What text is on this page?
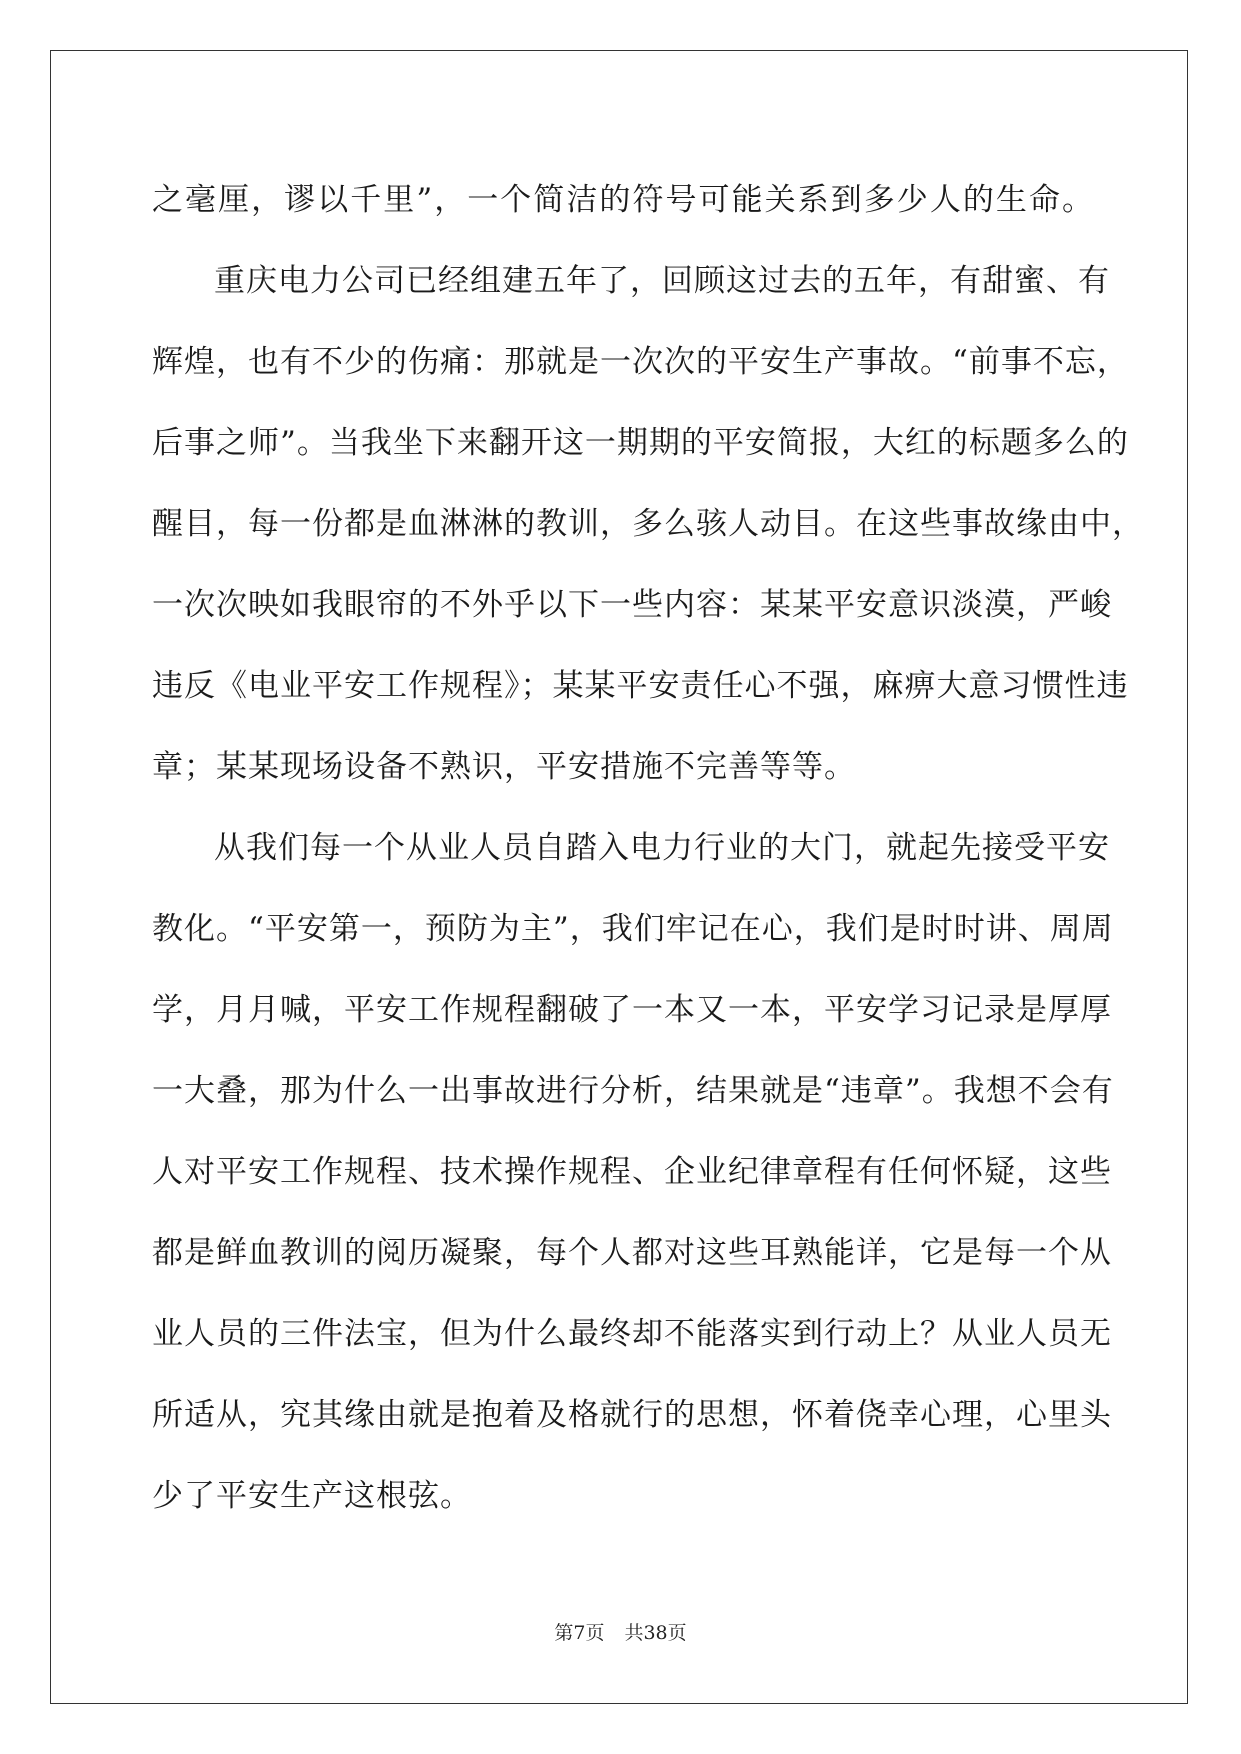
之毫厘，谬以千里”，一个简洁的符号可能关系到多少人的生命。
重庆电力公司已经组建五年了，回顾这过去的五年，有甜蜜、有
辉煌，也有不少的伤痛：那就是一次次的平安生产事故。“前事不忘，
后事之师”。当我坐下来翻开这一期期的平安简报，大红的标题多么的
醒目，每一份都是血淋淋的教训，多么骇人动目。在这些事故缘由中，
一次次映如我眼帘的不外乎以下一些内容：某某平安意识淡漠，严峻
违反《电业平安工作规程》；某某平安责任心不强，麻痹大意习惯性违
章；某某现场设备不熟识，平安措施不完善等等。
从我们每一个从业人员自踏入电力行业的大门，就起先接受平安
教化。“平安第一，预防为主”，我们牢记在心，我们是时时讲、周周
学，月月喊，平安工作规程翻破了一本又一本，平安学习记录是厚厚
一大叠，那为什么一出事故进行分析，结果就是“违章”。我想不会有
人对平安工作规程、技术操作规程、企业纪律章程有任何怀疑，这些
都是鲜血教训的阅历凝聚，每个人都对这些耳熟能详，它是每一个从
业人员的三件法宝，但为什么最终却不能落实到行动上？从业人员无
所适从，究其缘由就是抱着及格就行的思想，怀着侥幸心理，心里头
少了平安生产这根弦。
第7页 共38页
